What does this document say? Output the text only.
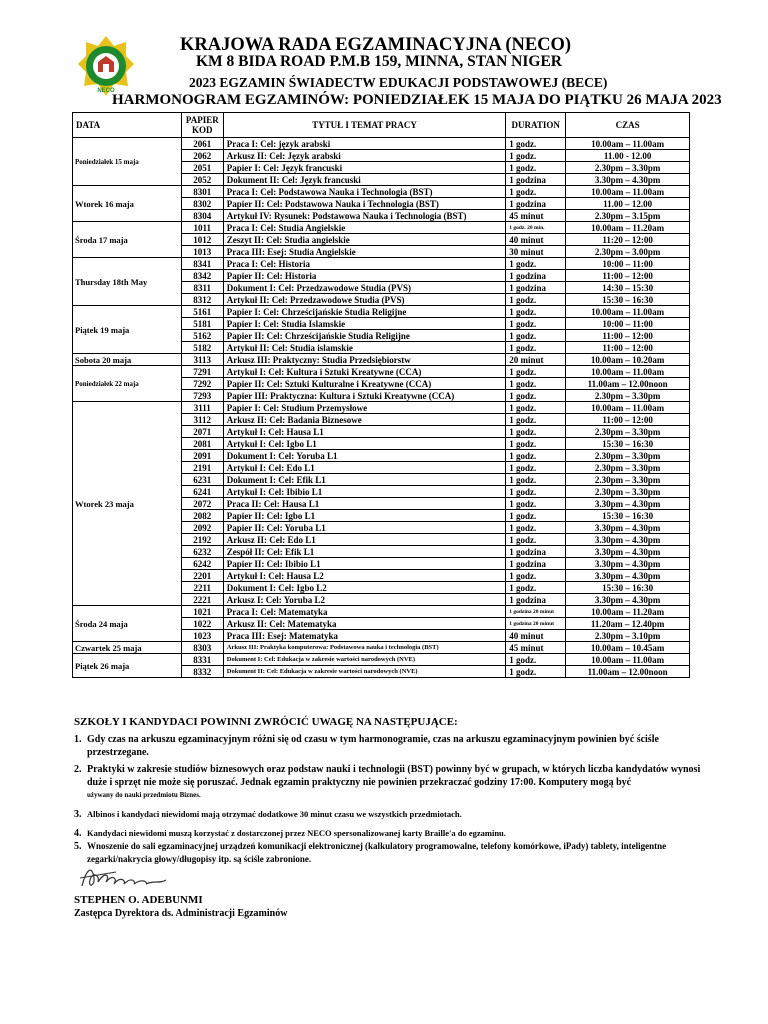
NECO
KRAJOWA RADA EGZAMINACYJNA (NECO)
KM 8 BIDA ROAD P.M.B 159, MINNA, STAN NIGER
2023 EGZAMIN ŚWIADECTW EDUKACJI PODSTAWOWEJ (BECE)
HARMONOGRAM EGZAMINÓW: PONIEDZIAŁEK 15 MAJA DO PIĄTKU 26 MAJA 2023
DATA	PAPIER KOD	TYTUŁ I TEMAT PRACY	DURATION	CZAS
Poniedziałek 15 maja	2061	Praca I: Cel: język arabski	1 godz.	10.00am – 11.00am
	2062	Arkusz II: Cel: Język arabski	1 godz.	11.00 - 12.00
	2051	Papier I: Cel: Język francuski	1 godz.	2.30pm – 3.30pm
	2052	Dokument II: Cel: Język francuski	1 godzina	3.30pm – 4.30pm
Wtorek 16 maja	8301	Praca I: Cel: Podstawowa Nauka i Technologia (BST)	1 godz.	10.00am – 11.00am
	8302	Papier II: Cel: Podstawowa Nauka i Technologia (BST)	1 godzina	11.00 – 12.00
	8304	Artykuł IV: Rysunek: Podstawowa Nauka i Technologia (BST)	45 minut	2.30pm – 3.15pm
Środa 17 maja	1011	Praca I: Cel: Studia Angielskie	1 godz. 20 min.	10.00am – 11.20am
	1012	Zeszyt II: Cel: Studia angielskie	40 minut	11:20 – 12:00
	1013	Praca III: Esej: Studia Angielskie	30 minut	2.30pm – 3.00pm
Thursday 18th May	8341	Praca I: Cel: Historia	1 godz.	10:00 – 11:00
	8342	Papier II: Cel: Historia	1 godzina	11:00 – 12:00
	8311	Dokument I: Cel: Przedzawodowe Studia (PVS)	1 godzina	14:30 – 15:30
	8312	Artykuł II: Cel: Przedzawodowe Studia (PVS)	1 godz.	15:30 – 16:30
Piątek 19 maja	5161	Papier I: Cel: Chrześcijańskie Studia Religijne	1 godz.	10.00am – 11.00am
	5181	Papier I: Cel: Studia Islamskie	1 godz.	10:00 – 11:00
	5162	Papier II: Cel: Chrześcijańskie Studia Religijne	1 godz.	11:00 – 12:00
	5182	Artykuł II: Cel: Studia islamskie	1 godz.	11:00 – 12:00
Sobota 20 maja	3113	Arkusz III: Praktyczny: Studia Przedsiębiorstw	20 minut	10.00am – 10.20am
Poniedziałek 22 maja	7291	Artykuł I: Cel: Kultura i Sztuki Kreatywne (CCA)	1 godz.	10.00am – 11.00am
	7292	Papier II: Cel: Sztuki Kulturalne i Kreatywne (CCA)	1 godz.	11.00am – 12.00noon
	7293	Papier III: Praktyczna: Kultura i Sztuki Kreatywne (CCA)	1 godz.	2.30pm – 3.30pm
Wtorek 23 maja	3111	Papier I: Cel: Studium Przemysłowe	1 godz.	10.00am – 11.00am
	3112	Arkusz II: Cel: Badania Biznesowe	1 godz.	11:00 – 12:00
	2071	Artykuł I: Cel: Hausa L1	1 godz.	2.30pm – 3.30pm
	2081	Artykuł I: Cel: Igbo L1	1 godz.	15:30 – 16:30
	2091	Dokument I: Cel: Yoruba L1	1 godz.	2.30pm – 3.30pm
	2191	Artykuł I: Cel: Edo L1	1 godz.	2.30pm – 3.30pm
	6231	Dokument I: Cel: Efik L1	1 godz.	2.30pm – 3.30pm
	6241	Artykuł I: Cel: Ibibio L1	1 godz.	2.30pm – 3.30pm
	2072	Praca II: Cel: Hausa L1	1 godz.	3.30pm – 4.30pm
	2082	Papier II: Cel: Igbo L1	1 godz.	15:30 – 16:30
	2092	Papier II: Cel: Yoruba L1	1 godz.	3.30pm – 4.30pm
	2192	Arkusz II: Cel: Edo L1	1 godz.	3.30pm – 4.30pm
	6232	Zespół II: Cel: Efik L1	1 godzina	3.30pm – 4.30pm
	6242	Papier II: Cel: Ibibio L1	1 godzina	3.30pm – 4.30pm
	2201	Artykuł I: Cel: Hausa L2	1 godz.	3.30pm – 4.30pm
	2211	Dokument I: Cel: Igbo L2	1 godz.	15:30 – 16:30
	2221	Arkusz I: Cel: Yoruba L2	1 godzina	3.30pm – 4.30pm
Środa 24 maja	1021	Praca I: Cel: Matematyka	1 godzina 20 minut	10.00am – 11.20am
	1022	Arkusz II: Cel: Matematyka	1 godzina 20 minut	11.20am – 12.40pm
	1023	Praca III: Esej: Matematyka	40 minut	2.30pm – 3.10pm
Czwartek 25 maja	8303	Arkusz III: Praktyka komputerowa: Podstawowa nauka i technologia (BST)	45 minut	10.00am – 10.45am
Piątek 26 maja	8331	Dokument I: Cel: Edukacja w zakresie wartości narodowych (NVE)	1 godz.	10.00am – 11.00am
	8332	Dokument II: Cel: Edukacja w zakresie wartości narodowych (NVE)	1 godz.	11.00am – 12.00noon
SZKOŁY I KANDYDACI POWINNI ZWRÓCIĆ UWAGĘ NA NASTĘPUJĄCE:
1. Gdy czas na arkuszu egzaminacyjnym różni się od czasu w tym harmonogramie, czas na arkuszu egzaminacyjnym powinien być ściśle przestrzegane.
2. Praktyki w zakresie studiów biznesowych oraz podstaw nauki i technologii (BST) powinny być w grupach, w których liczba kandydatów wynosi duże i sprzęt nie może się poruszać. Jednak egzamin praktyczny nie powinien przekraczać godziny 17:00. Komputery mogą być
używany do nauki przedmiotu Biznes.
3. Albinos i kandydaci niewidomi mają otrzymać dodatkowe 30 minut czasu we wszystkich przedmiotach.
4. Kandydaci niewidomi muszą korzystać z dostarczonej przez NECO spersonalizowanej karty Braille'a do egzaminu.
5. Wnoszenie do sali egzaminacyjnej urządzeń komunikacji elektronicznej (kalkulatory programowalne, telefony komórkowe, iPady) tablety, inteligentne zegarki/nakrycia głowy/długopisy itp. są ściśle zabronione.
STEPHEN O. ADEBUNMI
Zastępca Dyrektora ds. Administracji Egzaminów
